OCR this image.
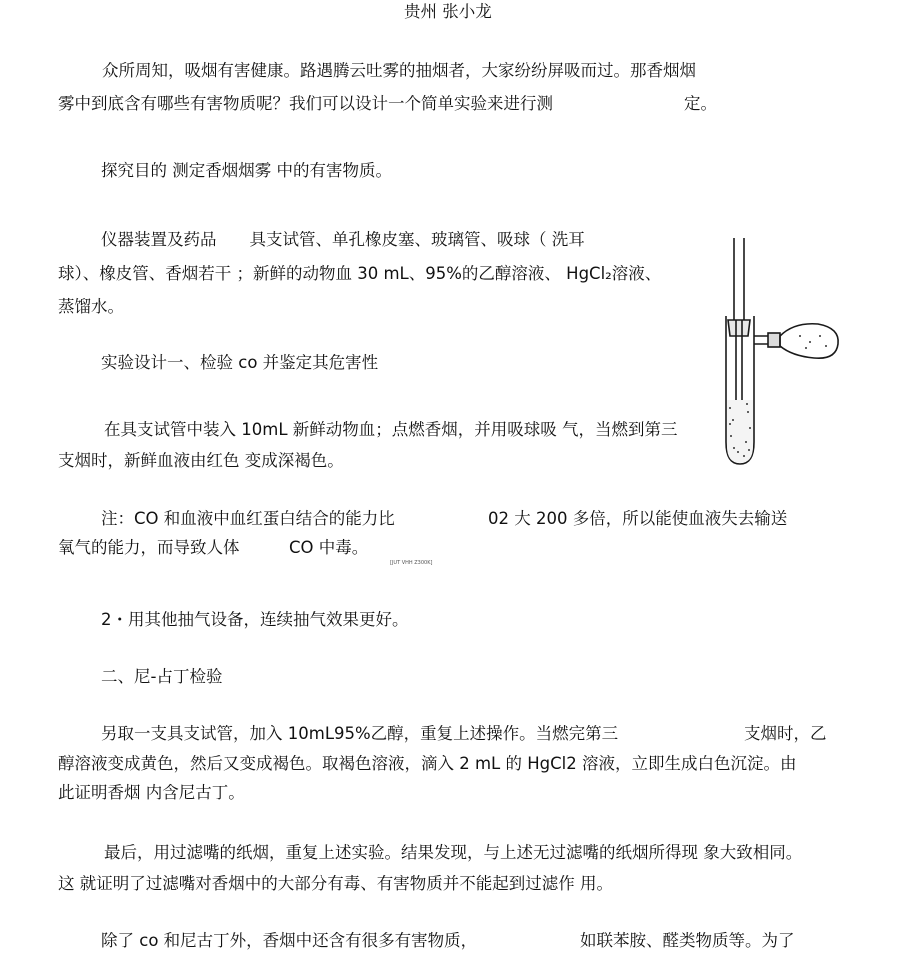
贵州 张小龙
众所周知，吸烟有害健康。路遇腾云吐雾的抽烟者，大家纷纷屏吸而过。那香烟烟
雾中到底含有哪些有害物质呢？我们可以设计一个简单实验来进行测	定。
探究目的 测定香烟烟雾 中的有害物质。
仪器装置及药品　　具支试管、单孔橡皮塞、玻璃管、吸球（ 洗耳
球）、橡皮管、香烟若干 ；新鲜的动物血 30 mL、95%的乙醇溶液、 HgCl₂溶液、
蒸馏水。
实验设计一、检验 co 并鉴定其危害性
在具支试管中装入 10mL 新鲜动物血；点燃香烟，并用吸球吸 气，当燃到第三
支烟时，新鲜血液由红色 变成深褐色。
注：CO 和血液中血红蛋白结合的能力比	02 大 200 多倍，所以能使血液失去输送
氧气的能力，而导致人体	CO 中毒。
[JUT VHH Z300K]
2・用其他抽气设备，连续抽气效果更好。
二、尼-占丁检验
另取一支具支试管，加入 10mL95%乙醇，重复上述操作。当燃完第三	支烟时，乙
醇溶液变成黄色，然后又变成褐色。取褐色溶液，滴入 2 mL 的 HgCl2 溶液，立即生成白色沉淀。由
此证明香烟 内含尼古丁。
最后，用过滤嘴的纸烟，重复上述实验。结果发现，与上述无过滤嘴的纸烟所得现 象大致相同。
这 就证明了过滤嘴对香烟中的大部分有毒、有害物质并不能起到过滤作 用。
除了 co 和尼古丁外，香烟中还含有很多有害物质，	如联苯胺、醛类物质等。为了
